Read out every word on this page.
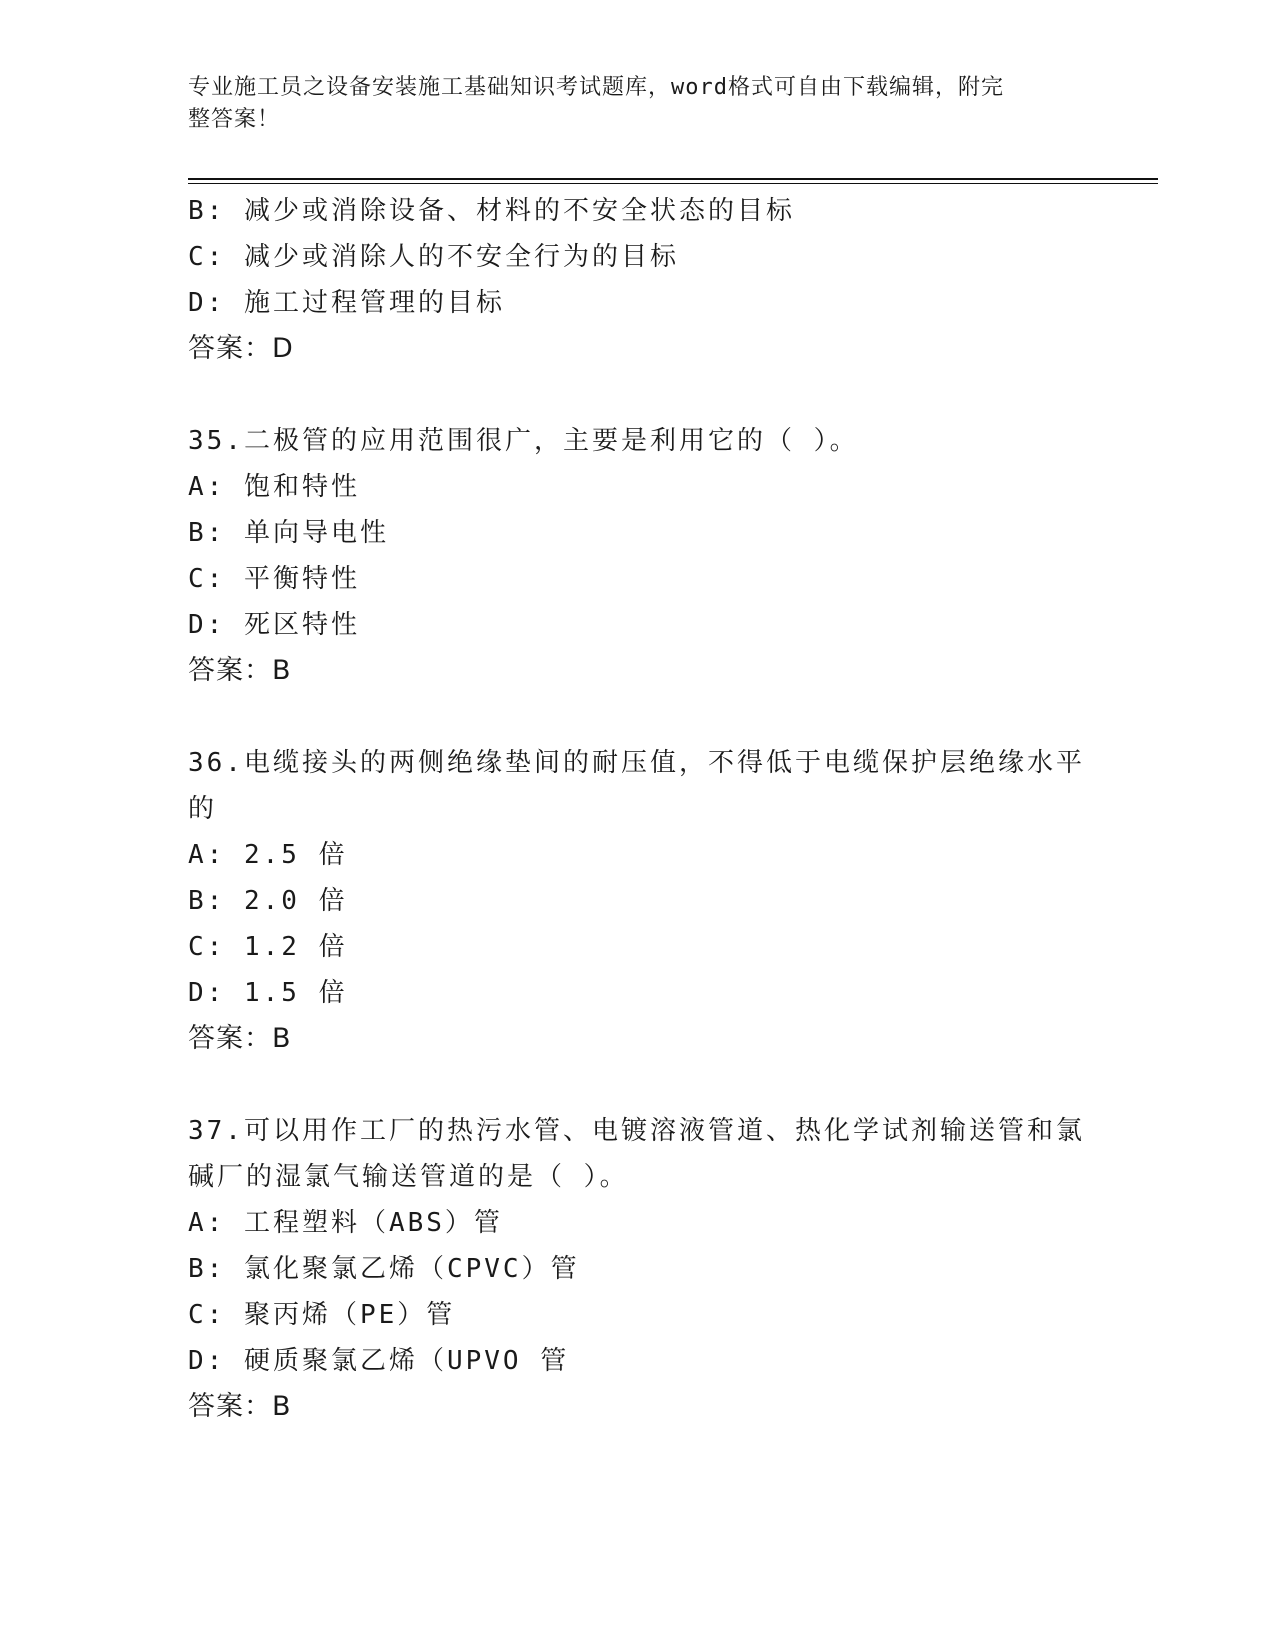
专业施工员之设备安装施工基础知识考试题库，word格式可自由下载编辑，附完
整答案！
B: 减少或消除设备、材料的不安全状态的目标
C: 减少或消除人的不安全行为的目标
D: 施工过程管理的目标
答案：D
35.二极管的应用范围很广，主要是利用它的（ ）。
A: 饱和特性
B: 单向导电性
C: 平衡特性
D: 死区特性
答案：B
36.电缆接头的两侧绝缘垫间的耐压值，不得低于电缆保护层绝缘水平
的
A: 2.5 倍
B: 2.0 倍
C: 1.2 倍
D: 1.5 倍
答案：B
37.可以用作工厂的热污水管、电镀溶液管道、热化学试剂输送管和氯
碱厂的湿氯气输送管道的是（ ）。
A: 工程塑料（ABS）管
B: 氯化聚氯乙烯（CPVC）管
C: 聚丙烯（PE）管
D: 硬质聚氯乙烯（UPVO 管
答案：B
